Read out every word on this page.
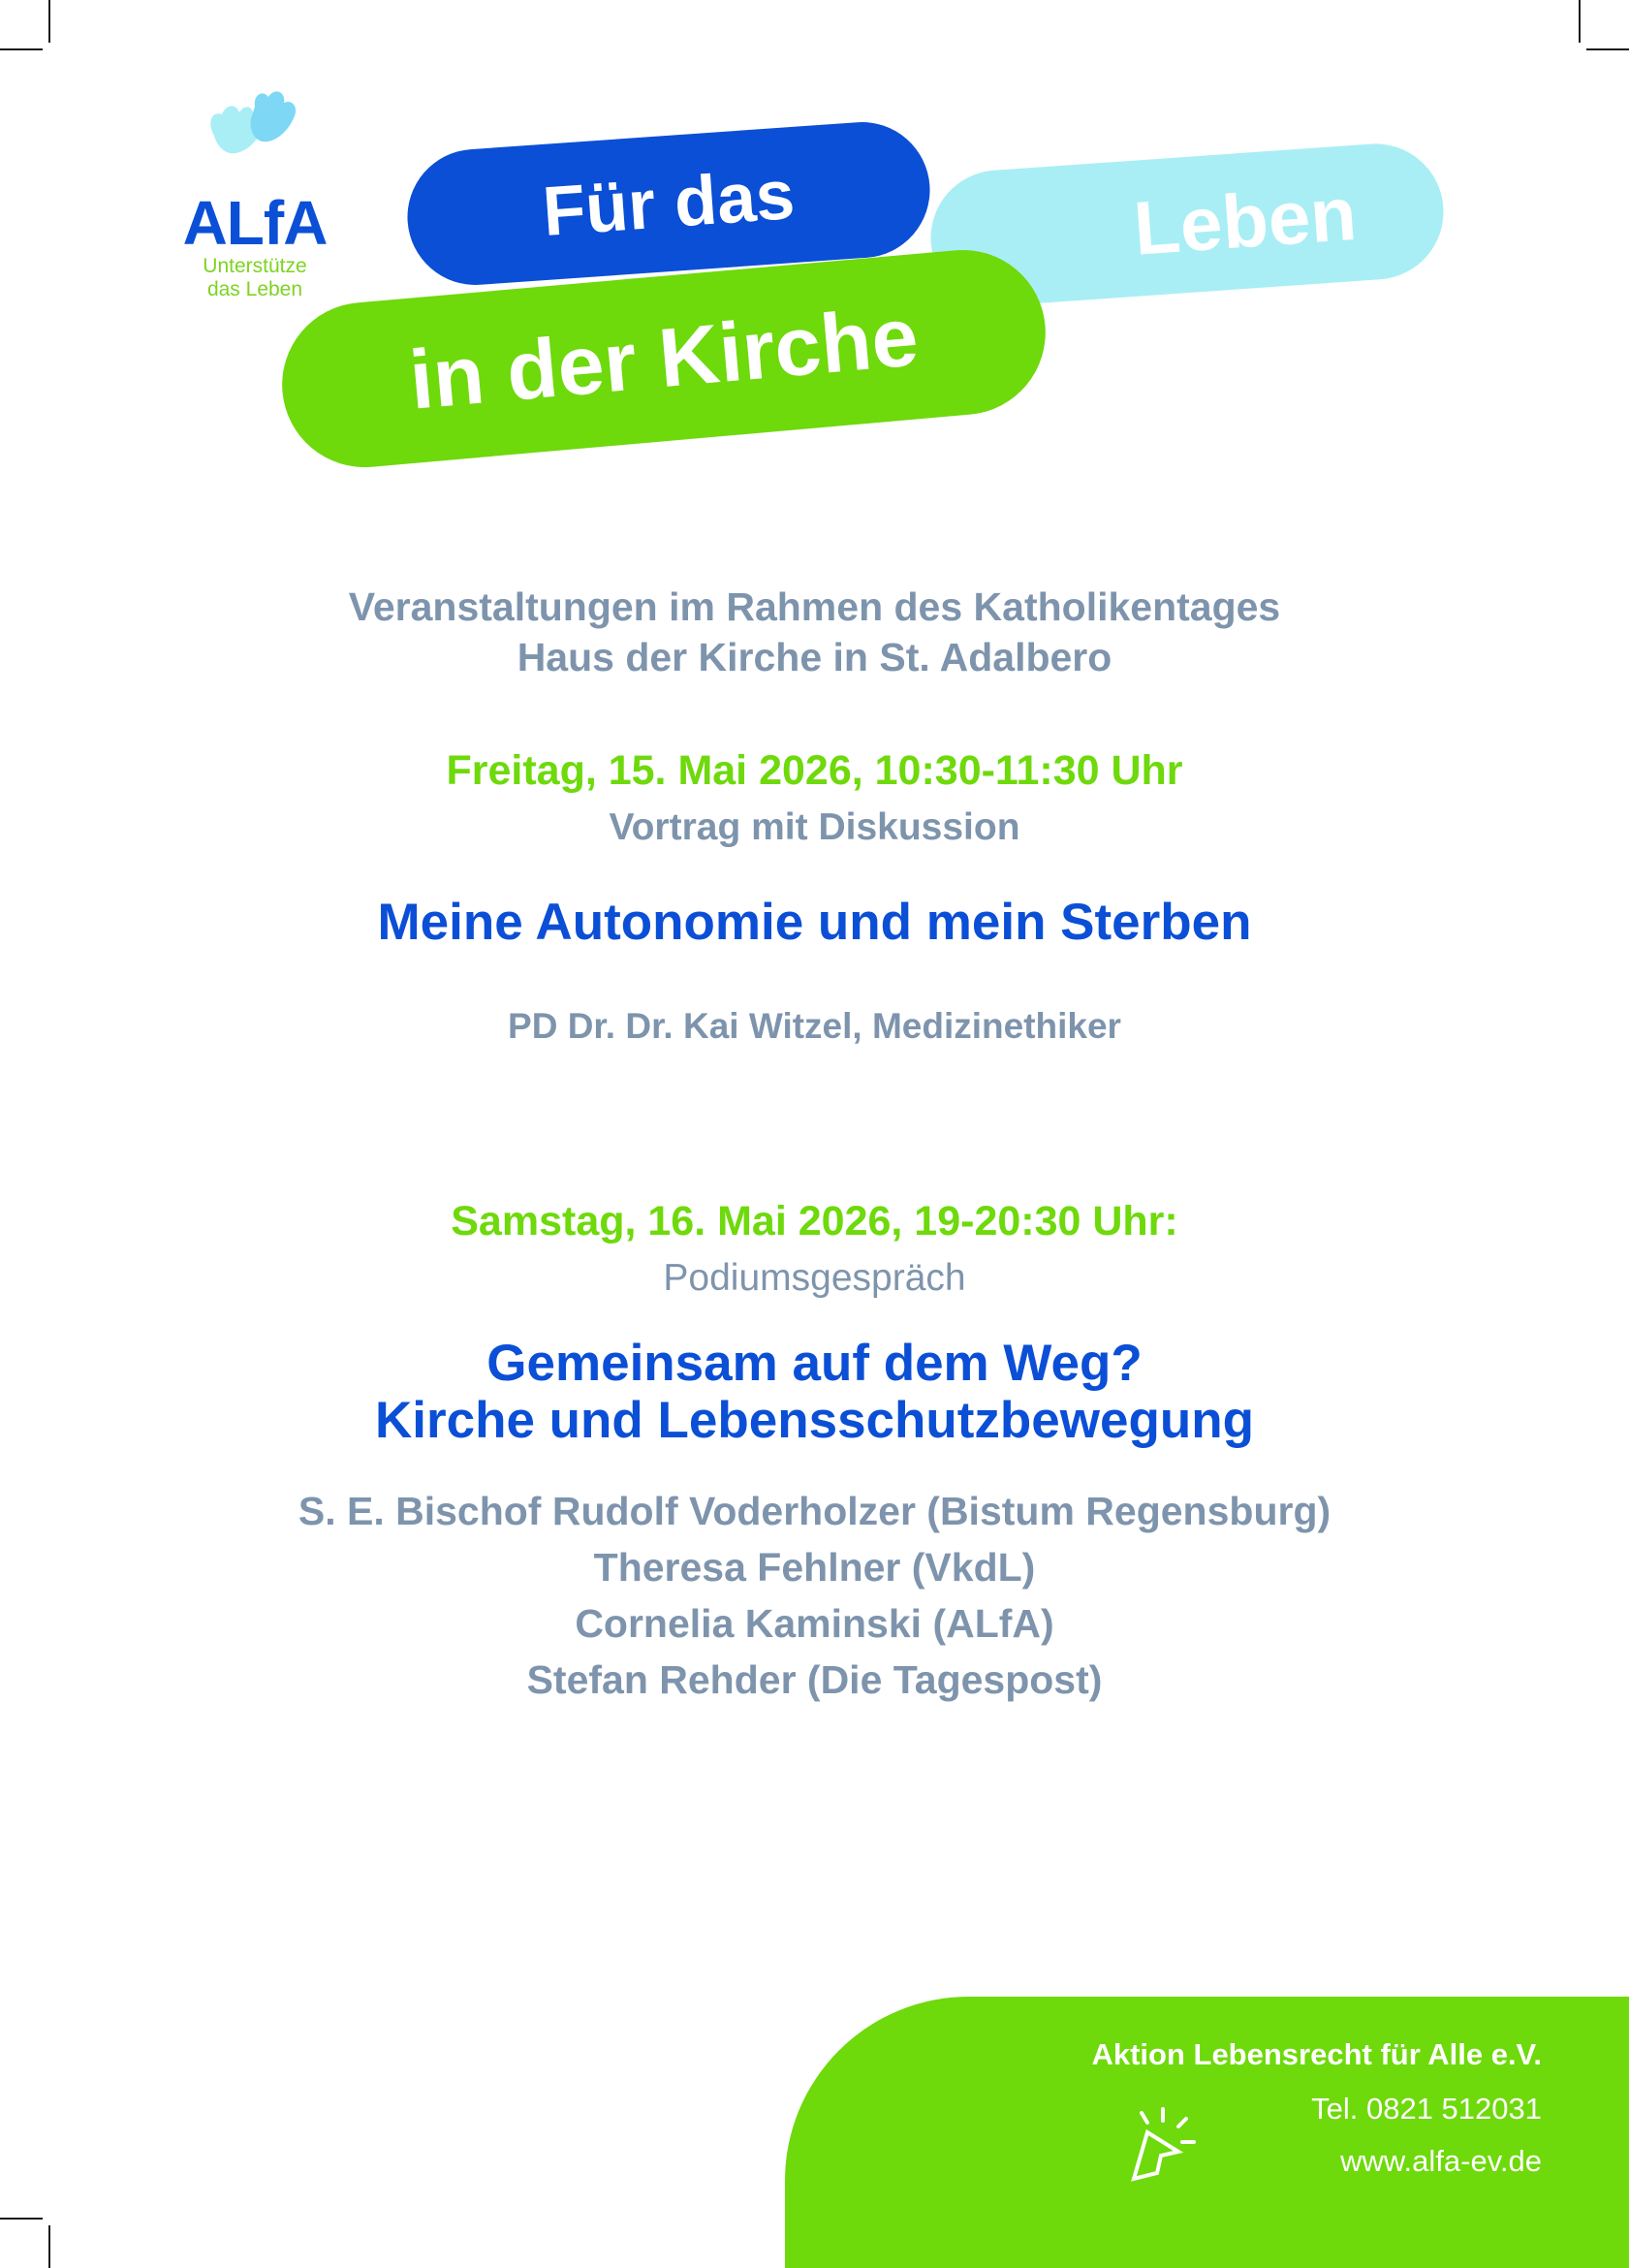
ALfA
Unterstütze
das Leben
Leben
Für das
in der Kirche
Veranstaltungen im Rahmen des Katholikentages
Haus der Kirche in St. Adalbero
Freitag, 15. Mai 2026, 10:30-11:30 Uhr
Vortrag mit Diskussion
Meine Autonomie und mein Sterben
PD Dr. Dr. Kai Witzel, Medizinethiker
Samstag, 16. Mai 2026, 19-20:30 Uhr:
Podiumsgespräch
Gemeinsam auf dem Weg?
Kirche und Lebensschutzbewegung
S. E. Bischof Rudolf Voderholzer (Bistum Regensburg)
Theresa Fehlner (VkdL)
Cornelia Kaminski (ALfA)
Stefan Rehder (Die Tagespost)
Aktion Lebensrecht für Alle e.V.
Tel. 0821 512031
www.alfa-ev.de
